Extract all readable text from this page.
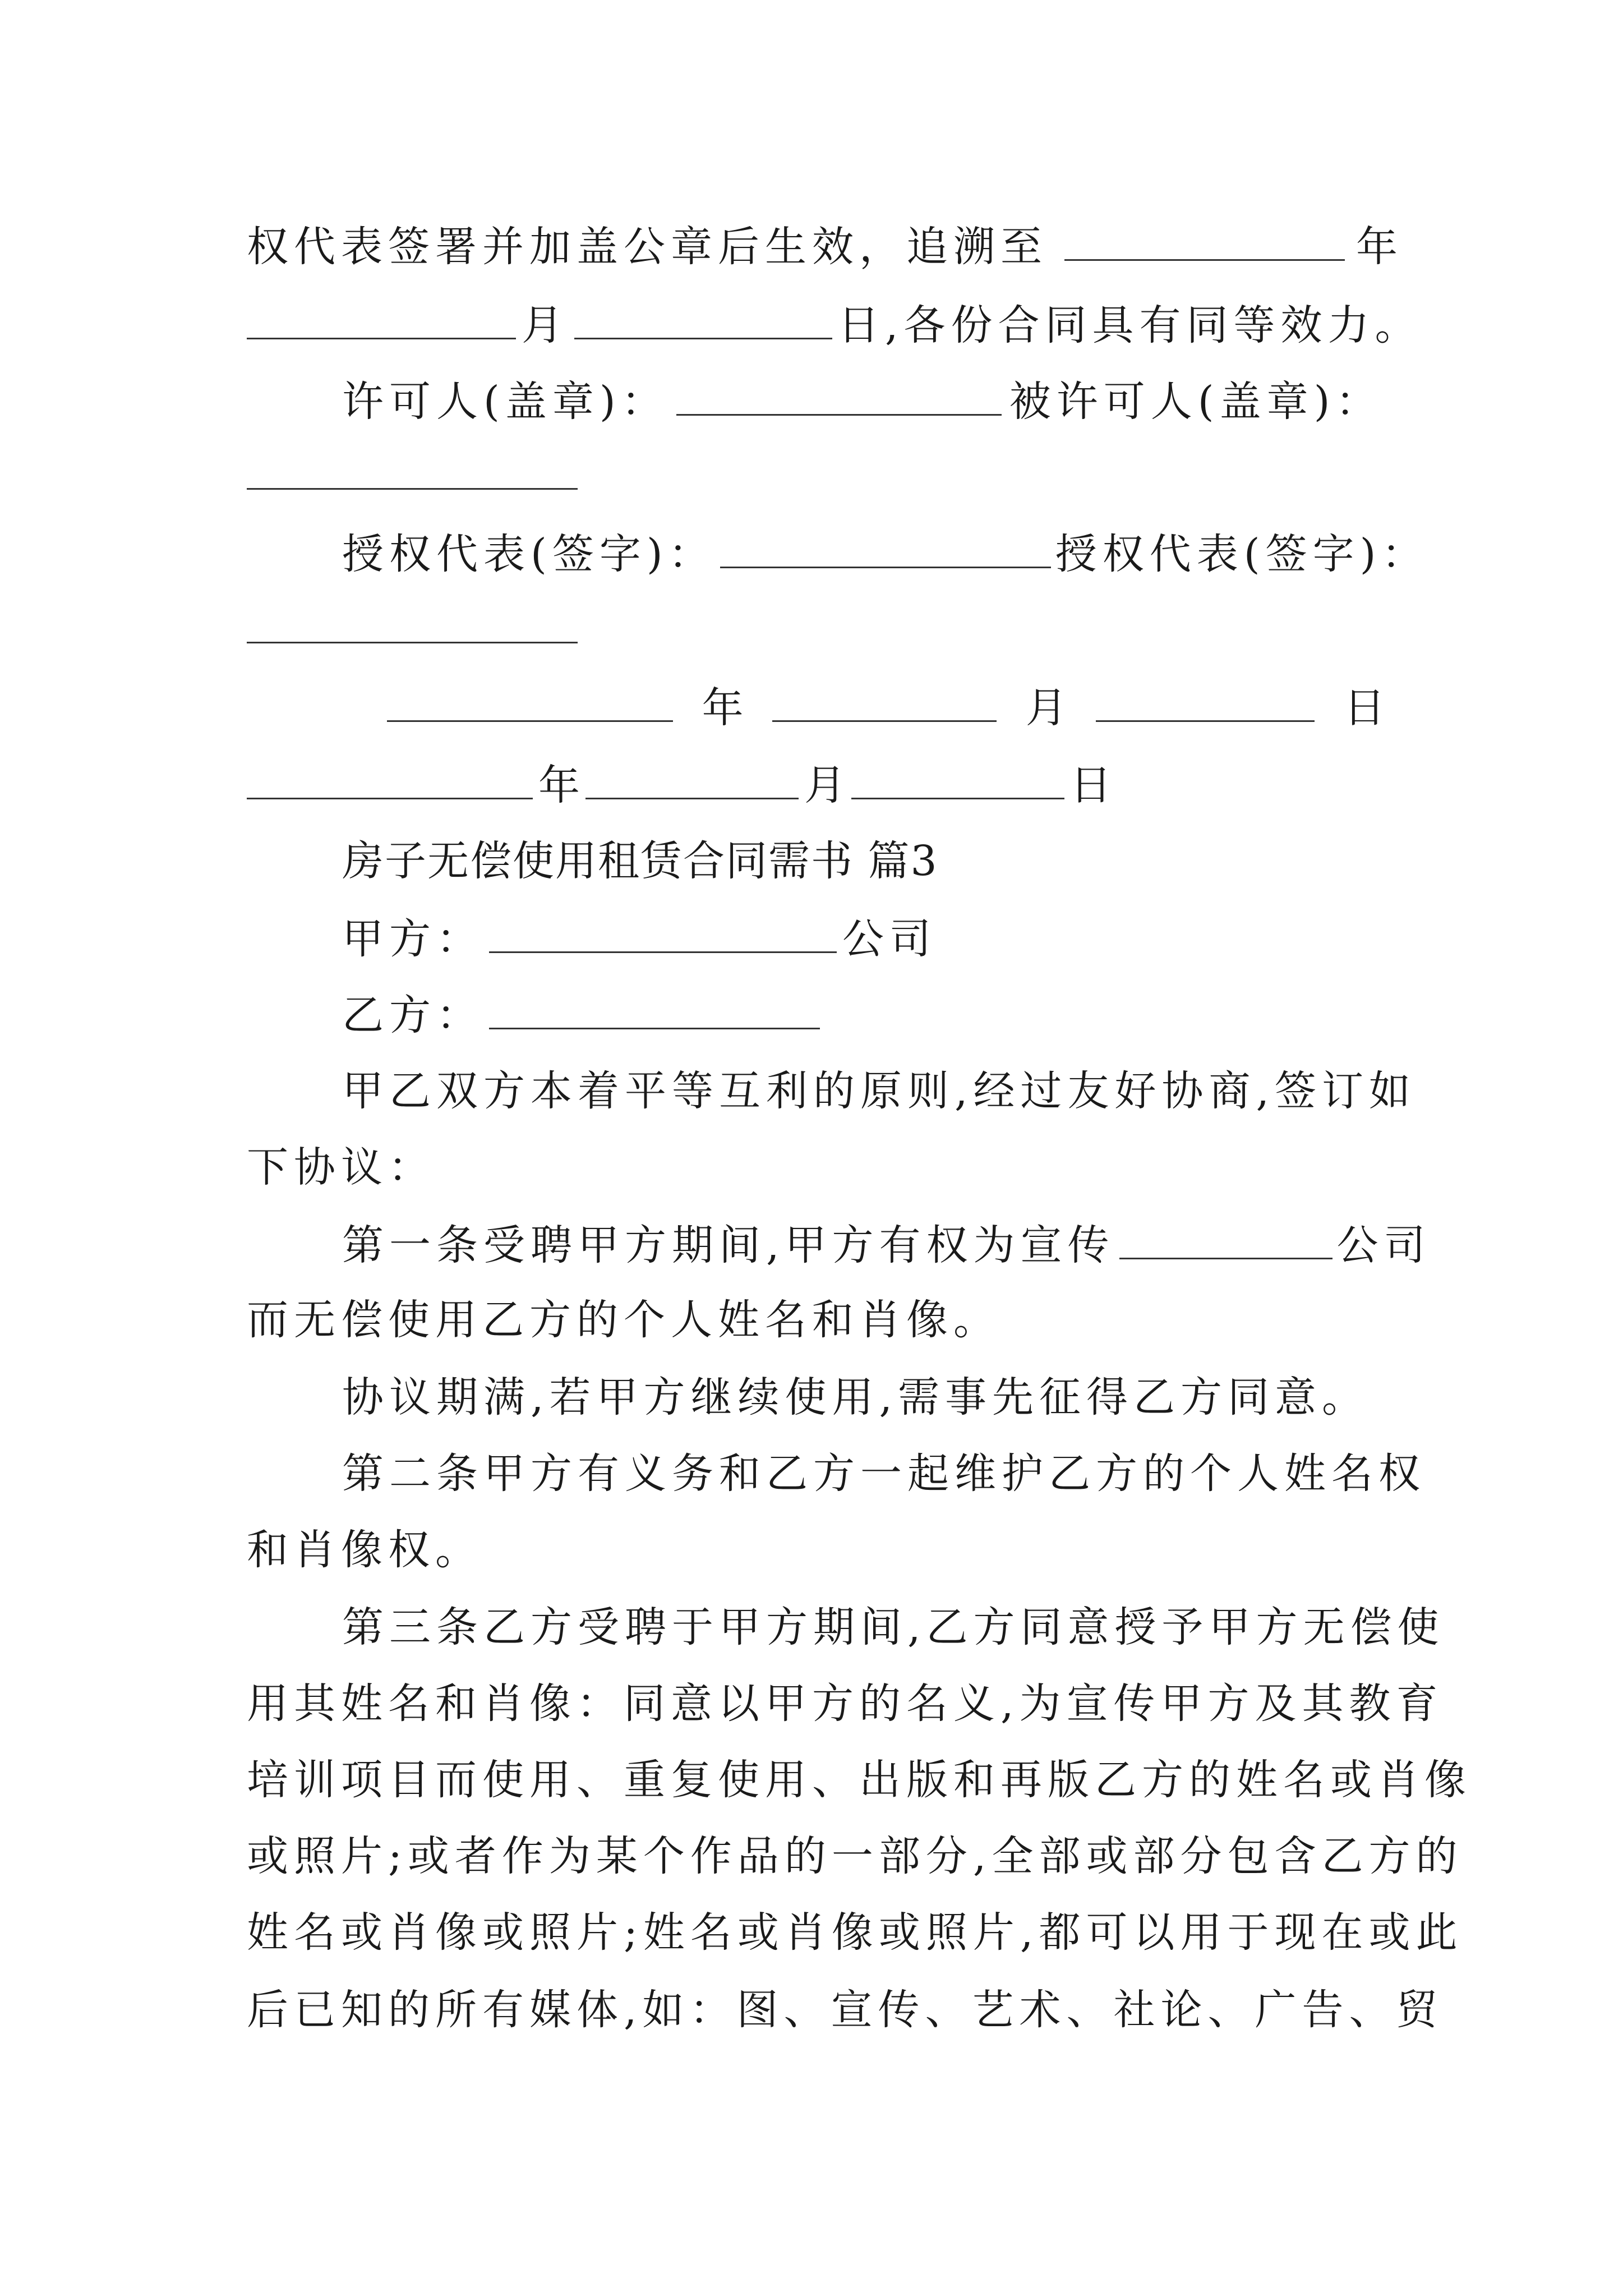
权代表签署并加盖公章后生效，追溯至	年
月	日,各份合同具有同等效力。
许可人(盖章)：	被许可人(盖章)：
授权代表(签字)：	授权代表(签字)：
年	月	日
年	月	日
房子无偿使用租赁合同需书 篇3
甲方：	公司
乙方：
甲乙双方本着平等互利的原则,经过友好协商,签订如
下协议：
第一条受聘甲方期间,甲方有权为宣传	公司
而无偿使用乙方的个人姓名和肖像。
协议期满,若甲方继续使用,需事先征得乙方同意。
第二条甲方有义务和乙方一起维护乙方的个人姓名权
和肖像权。
第三条乙方受聘于甲方期间,乙方同意授予甲方无偿使
用其姓名和肖像：同意以甲方的名义,为宣传甲方及其教育
培训项目而使用、重复使用、出版和再版乙方的姓名或肖像
或照片;或者作为某个作品的一部分,全部或部分包含乙方的
姓名或肖像或照片;姓名或肖像或照片,都可以用于现在或此
后已知的所有媒体,如：图、宣传、艺术、社论、广告、贸
